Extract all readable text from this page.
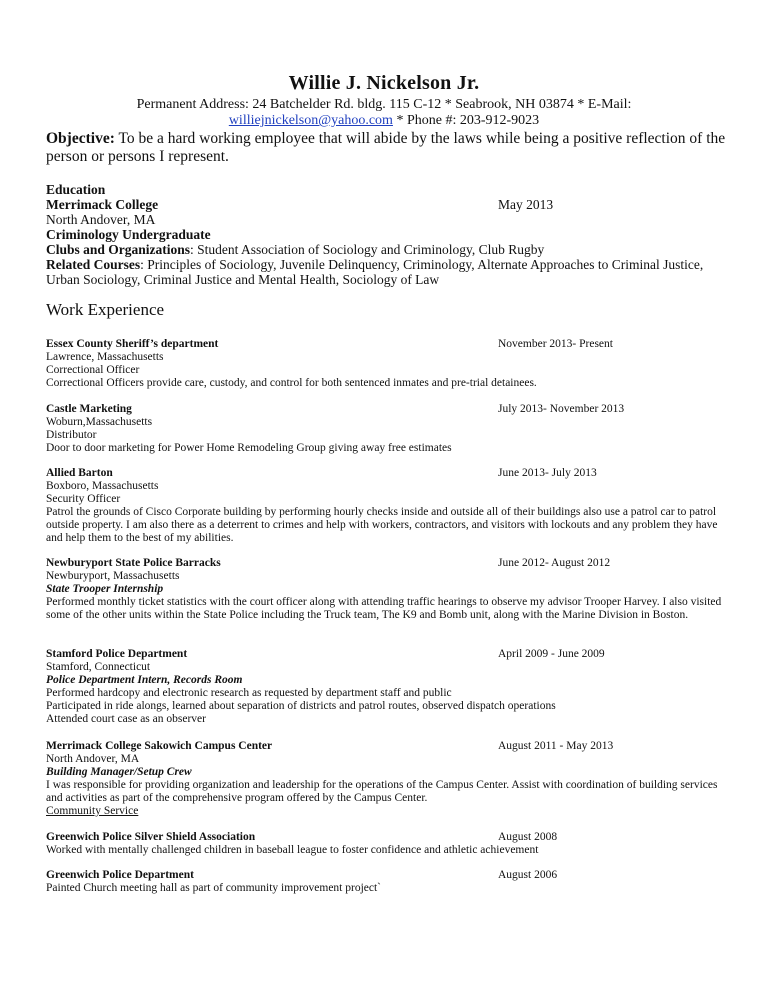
Willie J. Nickelson Jr.
Permanent Address: 24 Batchelder Rd. bldg. 115 C-12 * Seabrook, NH 03874 * E-Mail:
williejnickelson@yahoo.com * Phone #: 203-912-9023
Objective: To be a hard working employee that will abide by the laws while being a positive reflection of the person or persons I represent.
Education
Merrimack College	May 2013
North Andover, MA
Criminology Undergraduate
Clubs and Organizations: Student Association of Sociology and Criminology, Club Rugby
Related Courses: Principles of Sociology, Juvenile Delinquency, Criminology, Alternate Approaches to Criminal Justice, Urban Sociology, Criminal Justice and Mental Health, Sociology of Law
Work Experience
Essex County Sheriff’s department	November 2013- Present
Lawrence, Massachusetts
Correctional Officer
Correctional Officers provide care, custody, and control for both sentenced inmates and pre-trial detainees.
Castle Marketing	July 2013- November 2013
Woburn,Massachusetts
Distributor
Door to door marketing for Power Home Remodeling Group giving away free estimates
Allied Barton	June 2013- July 2013
Boxboro, Massachusetts
Security Officer
Patrol the grounds of Cisco Corporate building by performing hourly checks inside and outside all of their buildings also use a patrol car to patrol outside property. I am also there as a deterrent to crimes and help with workers, contractors, and visitors with lockouts and any problem they have and help them to the best of my abilities.
Newburyport State Police Barracks	June 2012- August 2012
Newburyport, Massachusetts
State Trooper Internship
Performed monthly ticket statistics with the court officer along with attending traffic hearings to observe my advisor Trooper Harvey. I also visited some of the other units within the State Police including the Truck team, The K9 and Bomb unit, along with the Marine Division in Boston.
Stamford Police Department	April 2009 - June 2009
Stamford, Connecticut
Police Department Intern, Records Room
Performed hardcopy and electronic research as requested by department staff and public
Participated in ride alongs, learned about separation of districts and patrol routes, observed dispatch operations
Attended court case as an observer
Merrimack College Sakowich Campus Center	August 2011 - May 2013
North Andover, MA
Building Manager/Setup Crew
I was responsible for providing organization and leadership for the operations of the Campus Center. Assist with coordination of building services and activities as part of the comprehensive program offered by the Campus Center.
Community Service
Greenwich Police Silver Shield Association	August 2008
Worked with mentally challenged children in baseball league to foster confidence and athletic achievement
Greenwich Police Department	August 2006
Painted Church meeting hall as part of community improvement project`
